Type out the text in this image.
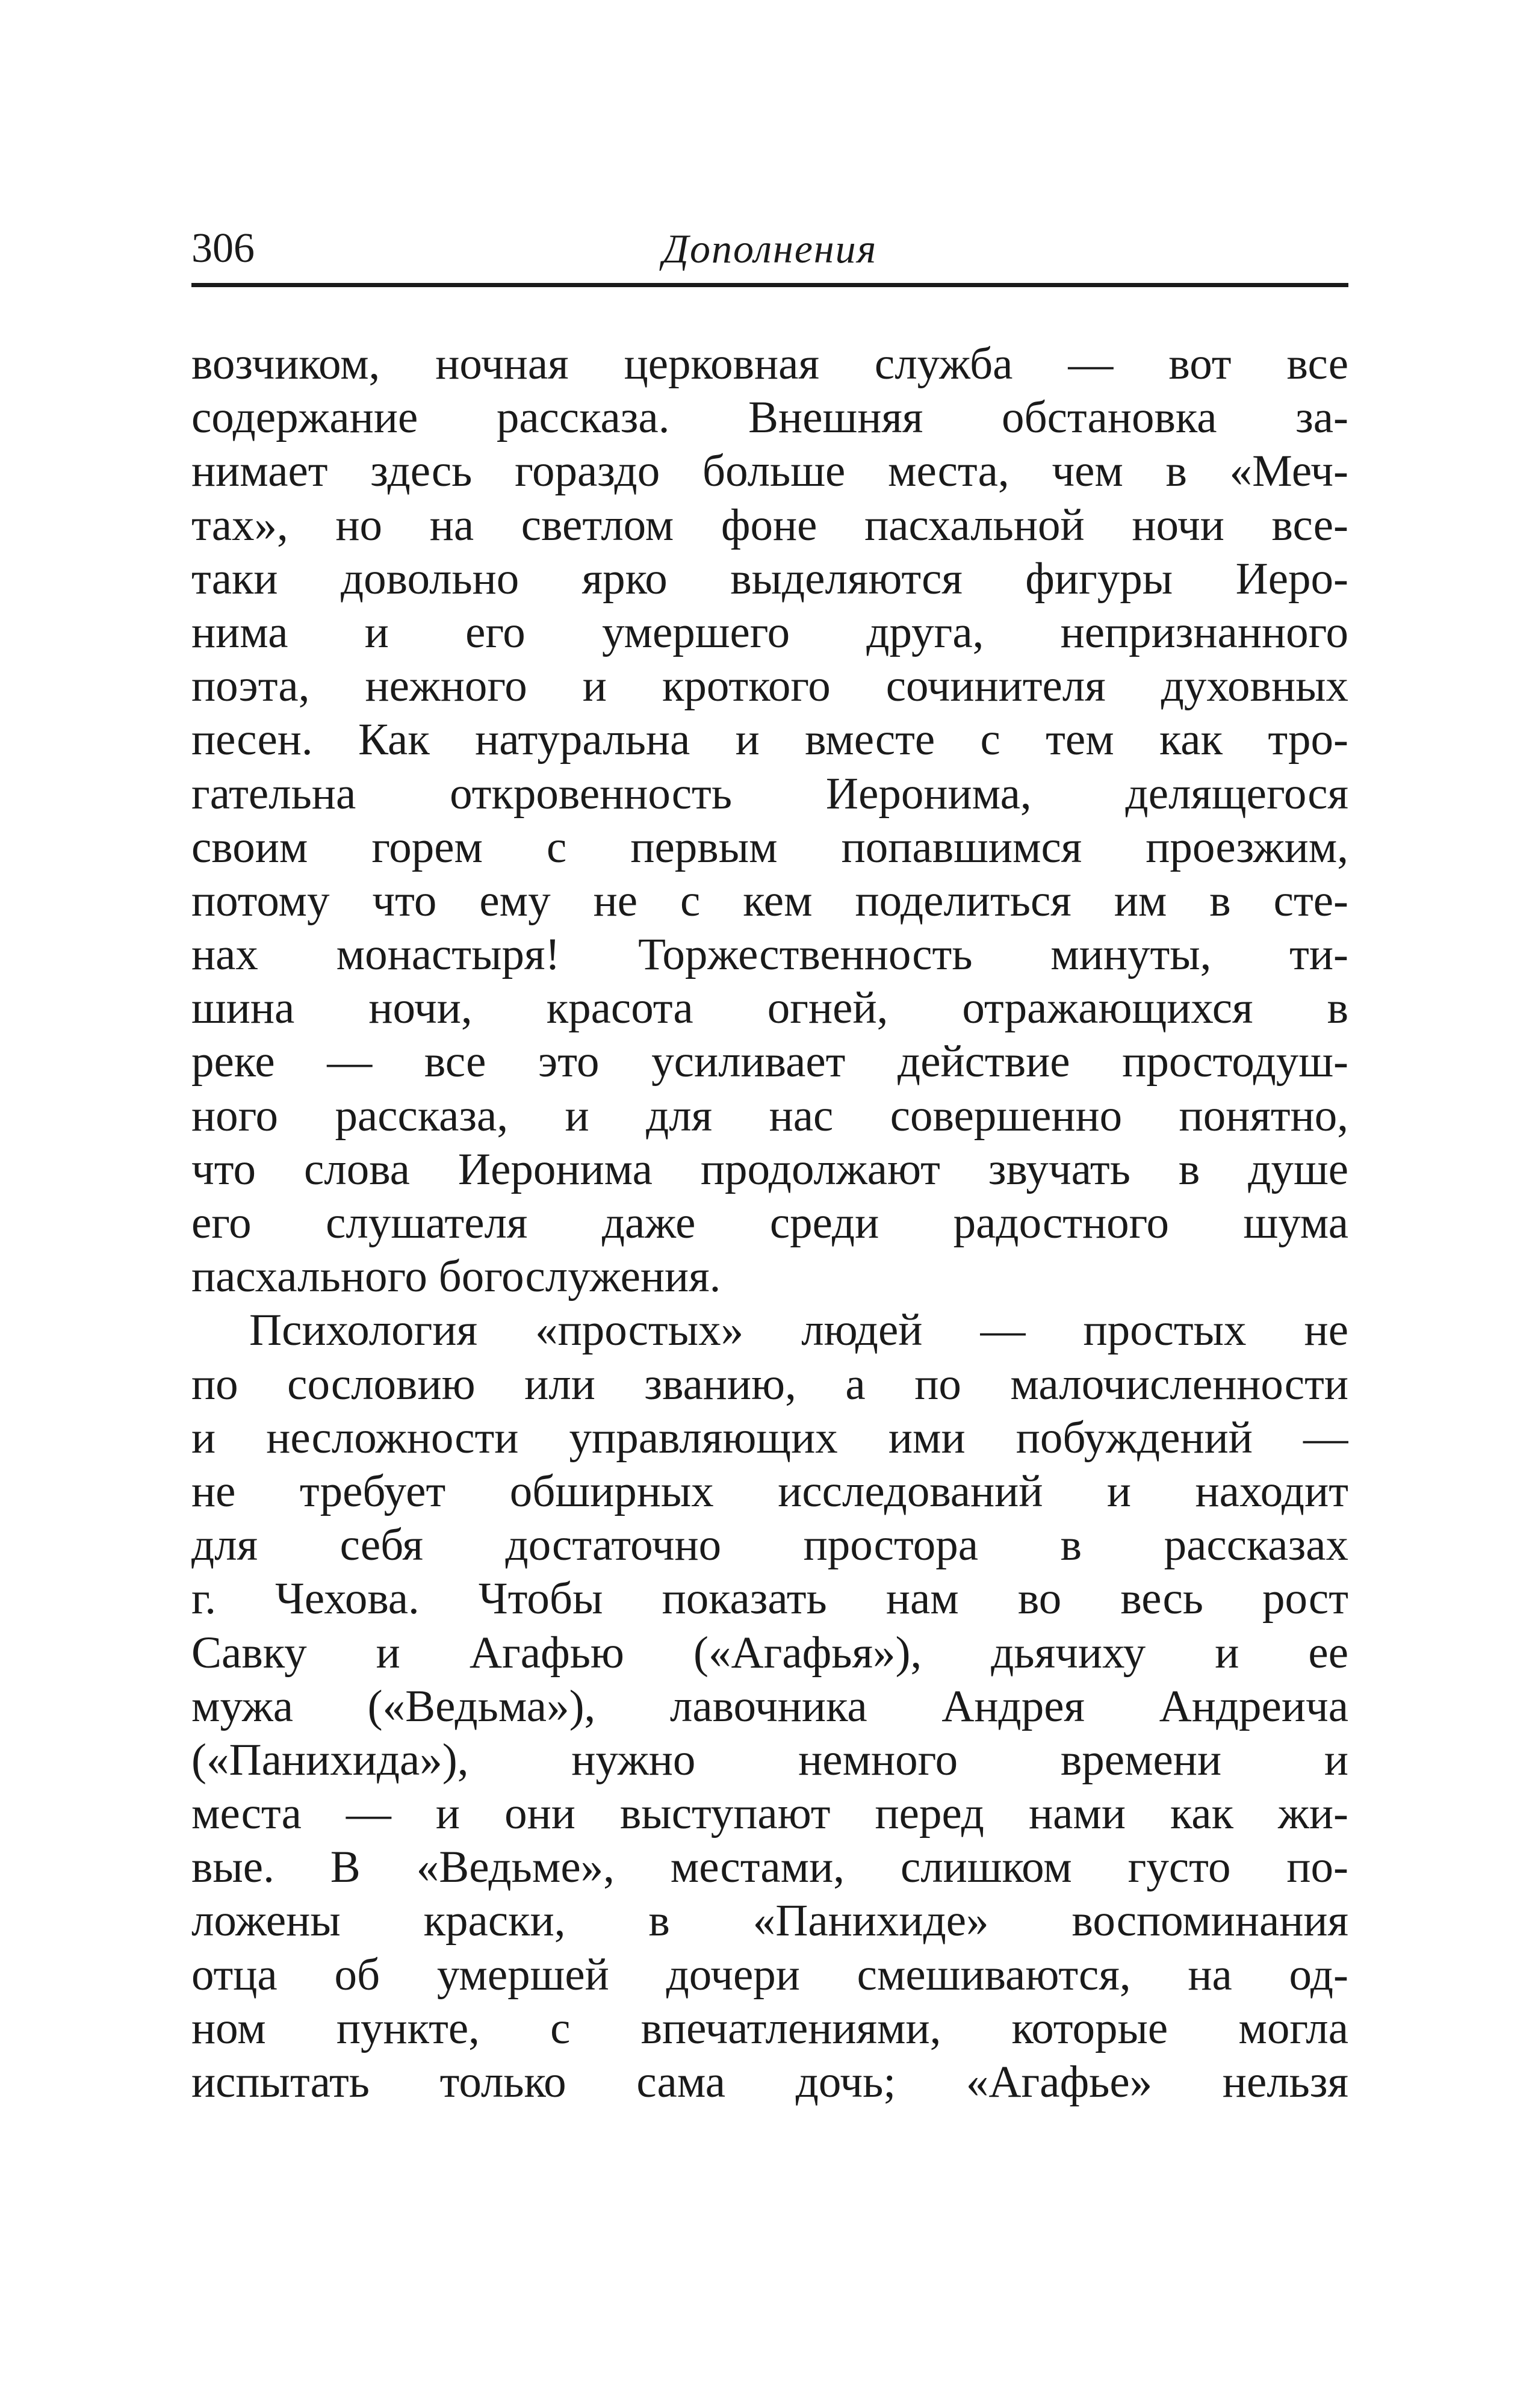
306	Дополнения
возчиком, ночная церковная служба — вот все
содержание рассказа. Внешняя обстановка за-
нимает здесь гораздо больше места, чем в «Меч-
тах», но на светлом фоне пасхальной ночи все-
таки довольно ярко выделяются фигуры Иеро-
нима и его умершего друга, непризнанного
поэта, нежного и кроткого сочинителя духовных
песен. Как натуральна и вместе с тем как тро-
гательна откровенность Иеронима, делящегося
своим горем с первым попавшимся проезжим,
потому что ему не с кем поделиться им в сте-
нах монастыря! Торжественность минуты, ти-
шина ночи, красота огней, отражающихся в
реке — все это усиливает действие простодуш-
ного рассказа, и для нас совершенно понятно,
что слова Иеронима продолжают звучать в душе
его слушателя даже среди радостного шума
пасхального богослужения.
Психология «простых» людей — простых не
по сословию или званию, а по малочисленности
и несложности управляющих ими побуждений —
не требует обширных исследований и находит
для себя достаточно простора в рассказах
г. Чехова. Чтобы показать нам во весь рост
Савку и Агафью («Агафья»), дьячиху и ее
мужа («Ведьма»), лавочника Андрея Андреича
(«Панихида»), нужно немного времени и
места — и они выступают перед нами как жи-
вые. В «Ведьме», местами, слишком густо по-
ложены краски, в «Панихиде» воспоминания
отца об умершей дочери смешиваются, на од-
ном пункте, с впечатлениями, которые могла
испытать только сама дочь; «Агафье» нельзя
